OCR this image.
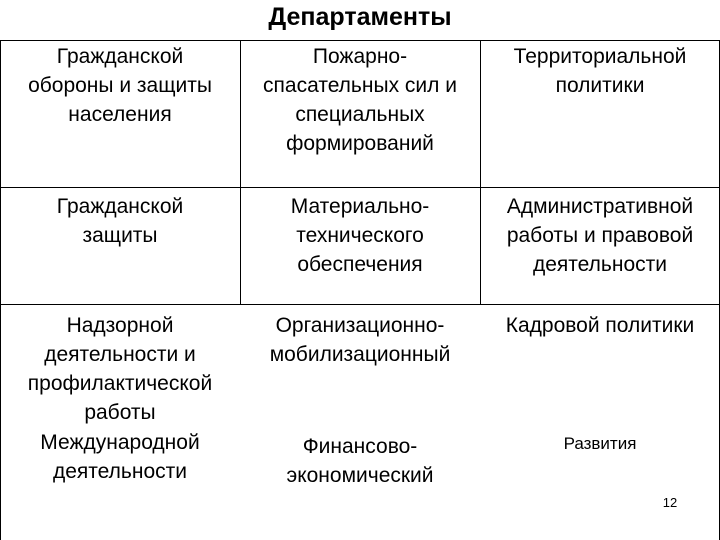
Департаменты
Гражданской
обороны и защиты
населения
Пожарно-
спасательных сил и
специальных
формирований
Территориальной
политики
Гражданской
защиты
Материально-
технического
обеспечения
Административной
работы и правовой
деятельности
Надзорной
деятельности и
профилактической
работы
Организационно-
мобилизационный
Кадровой политики
Международной
деятельности
Финансово-
экономический
Развития
12
